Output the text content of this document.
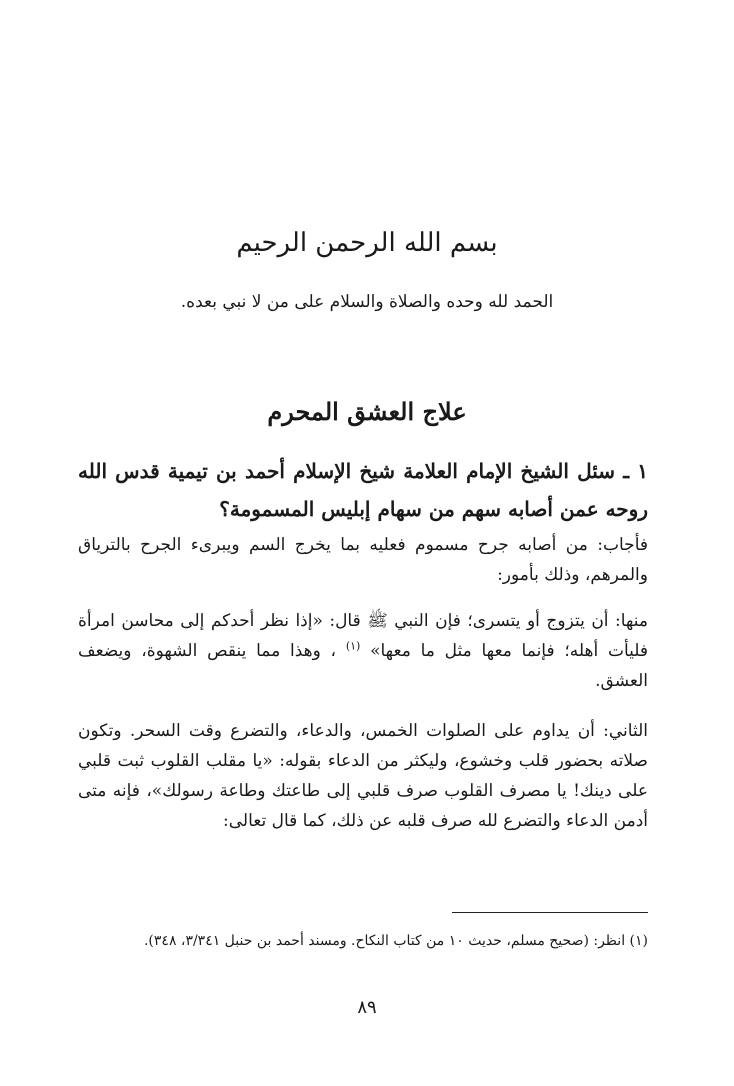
بسم الله الرحمن الرحيم
الحمد لله وحده والصلاة والسلام على من لا نبي بعده.
علاج العشق المحرم
١ ـ سئل الشيخ الإمام العلامة شيخ الإسلام أحمد بن تيمية قدس الله روحه عمن أصابه سهم من سهام إبليس المسمومة؟
فأجاب: من أصابه جرح مسموم فعليه بما يخرج السم ويبرىء الجرح بالترياق والمرهم، وذلك بأمور:
منها: أن يتزوج أو يتسرى؛ فإن النبي ﷺ قال: «إذا نظر أحدكم إلى محاسن امرأة فليأت أهله؛ فإنما معها مثل ما معها» $^{(١)}$ ، وهذا مما ينقص الشهوة، ويضعف العشق.
الثاني: أن يداوم على الصلوات الخمس، والدعاء، والتضرع وقت السحر. وتكون صلاته بحضور قلب وخشوع، وليكثر من الدعاء بقوله: «يا مقلب القلوب ثبت قلبي على دينك! يا مصرف القلوب صرف قلبي إلى طاعتك وطاعة رسولك»، فإنه متى أدمن الدعاء والتضرع لله صرف قلبه عن ذلك، كما قال تعالى:
(١) انظر: (صحيح مسلم، حديث ١٠ من كتاب النكاح. ومسند أحمد بن حنبل ٣/٣٤١، ٣٤٨).
٨٩
